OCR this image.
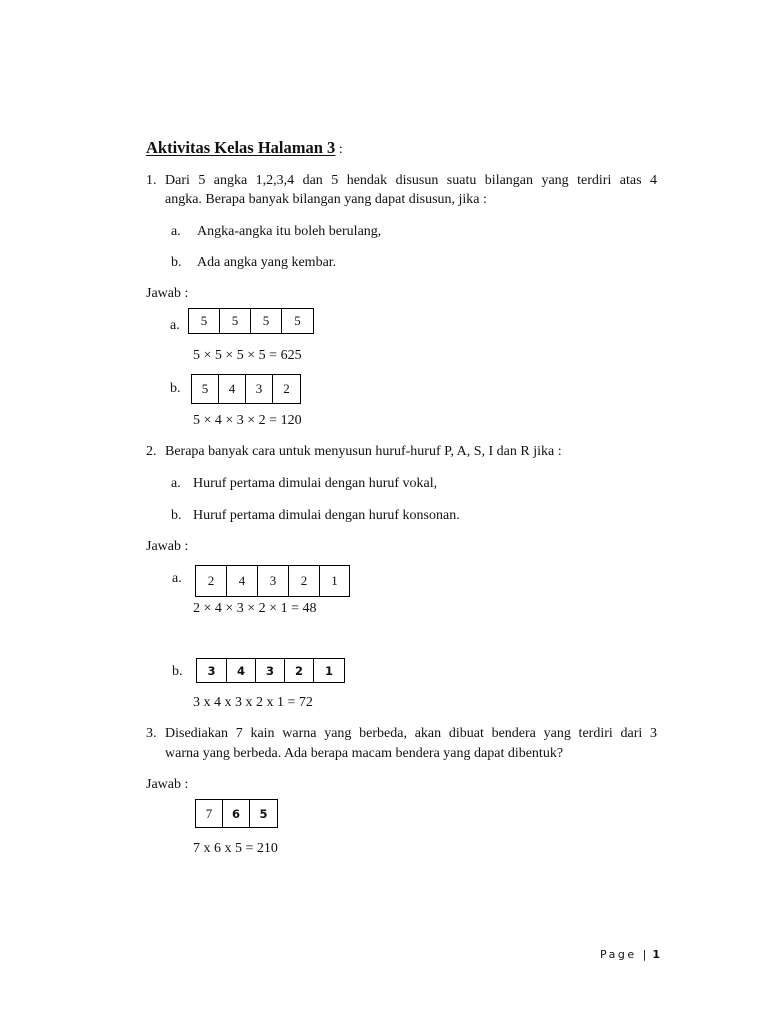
Aktivitas Kelas Halaman 3 :
1. Dari 5 angka 1,2,3,4 dan 5 hendak disusun suatu bilangan yang terdiri atas 4
angka. Berapa banyak bilangan yang dapat disusun, jika :
a. Angka-angka itu boleh berulang,
b. Ada angka yang kembar.
Jawab :
a.	5	5	5	5
5 × 5 × 5 × 5 = 625
b.	5	4	3	2
5 × 4 × 3 × 2 = 120
2. Berapa banyak cara untuk menyusun huruf-huruf P, A, S, I dan R jika :
a. Huruf pertama dimulai dengan huruf vokal,
b. Huruf pertama dimulai dengan huruf konsonan.
Jawab :
a.	2	4	3	2	1
2 × 4 × 3 × 2 × 1 = 48
b.	3	4	3	2	1
3 x 4 x 3 x 2 x 1 = 72
3. Disediakan 7 kain warna yang berbeda, akan dibuat bendera yang terdiri dari 3
warna yang berbeda. Ada berapa macam bendera yang dapat dibentuk?
Jawab :
7	6	5
7 x 6 x 5 = 210
Page | 1
